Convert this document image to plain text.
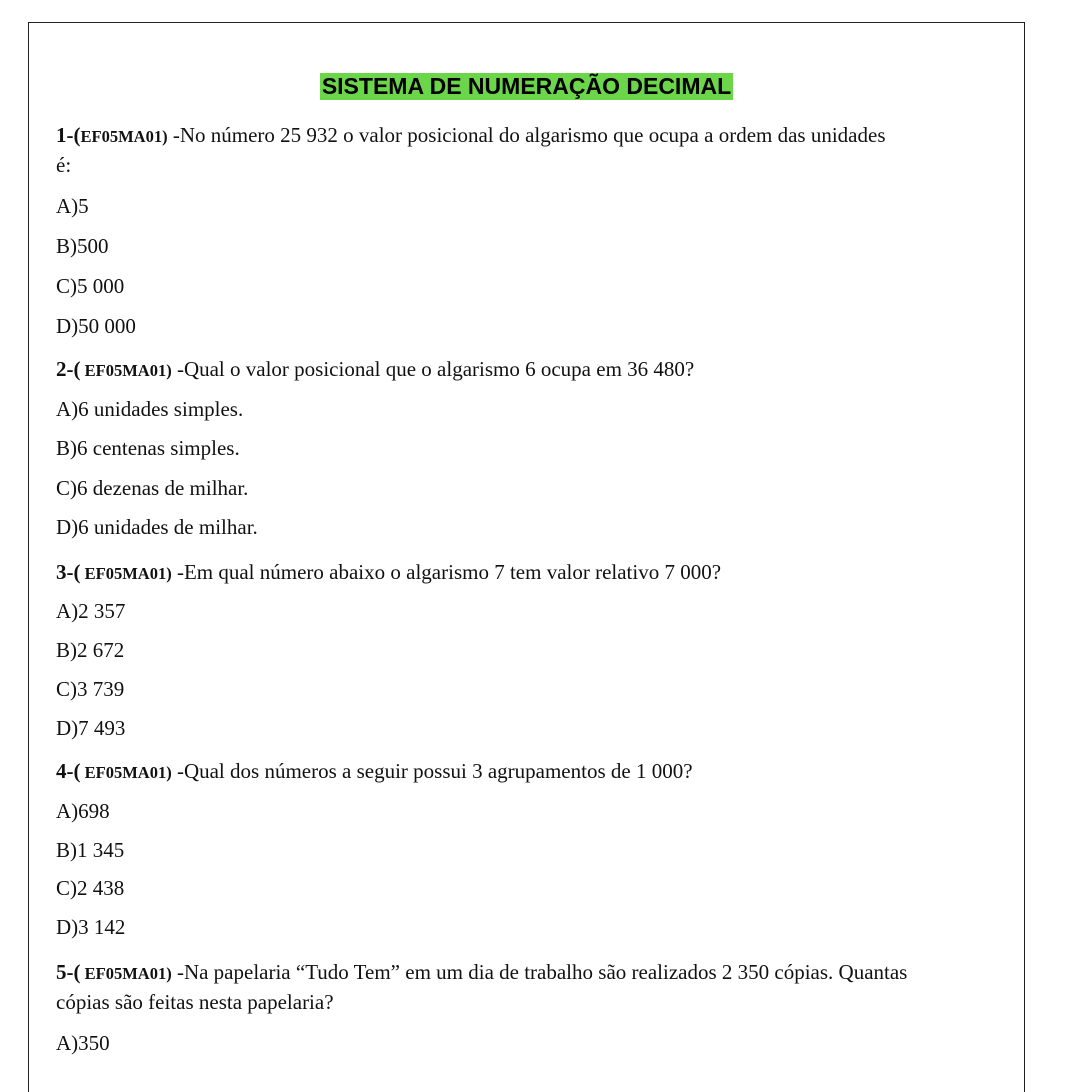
SISTEMA DE NUMERAÇÃO DECIMAL
1-(EF05MA01) -No número 25 932 o valor posicional do algarismo que ocupa a ordem das unidades
é:
A)5
B)500
C)5 000
D)50 000
2-( EF05MA01) -Qual o valor posicional que o algarismo 6 ocupa em 36 480?
A)6 unidades simples.
B)6 centenas simples.
C)6 dezenas de milhar.
D)6 unidades de milhar.
3-( EF05MA01) -Em qual número abaixo o algarismo 7 tem valor relativo 7 000?
A)2 357
B)2 672
C)3 739
D)7 493
4-( EF05MA01) -Qual dos números a seguir possui 3 agrupamentos de 1 000?
A)698
B)1 345
C)2 438
D)3 142
5-( EF05MA01) -Na papelaria “Tudo Tem” em um dia de trabalho são realizados 2 350 cópias. Quantas
cópias são feitas nesta papelaria?
A)350
